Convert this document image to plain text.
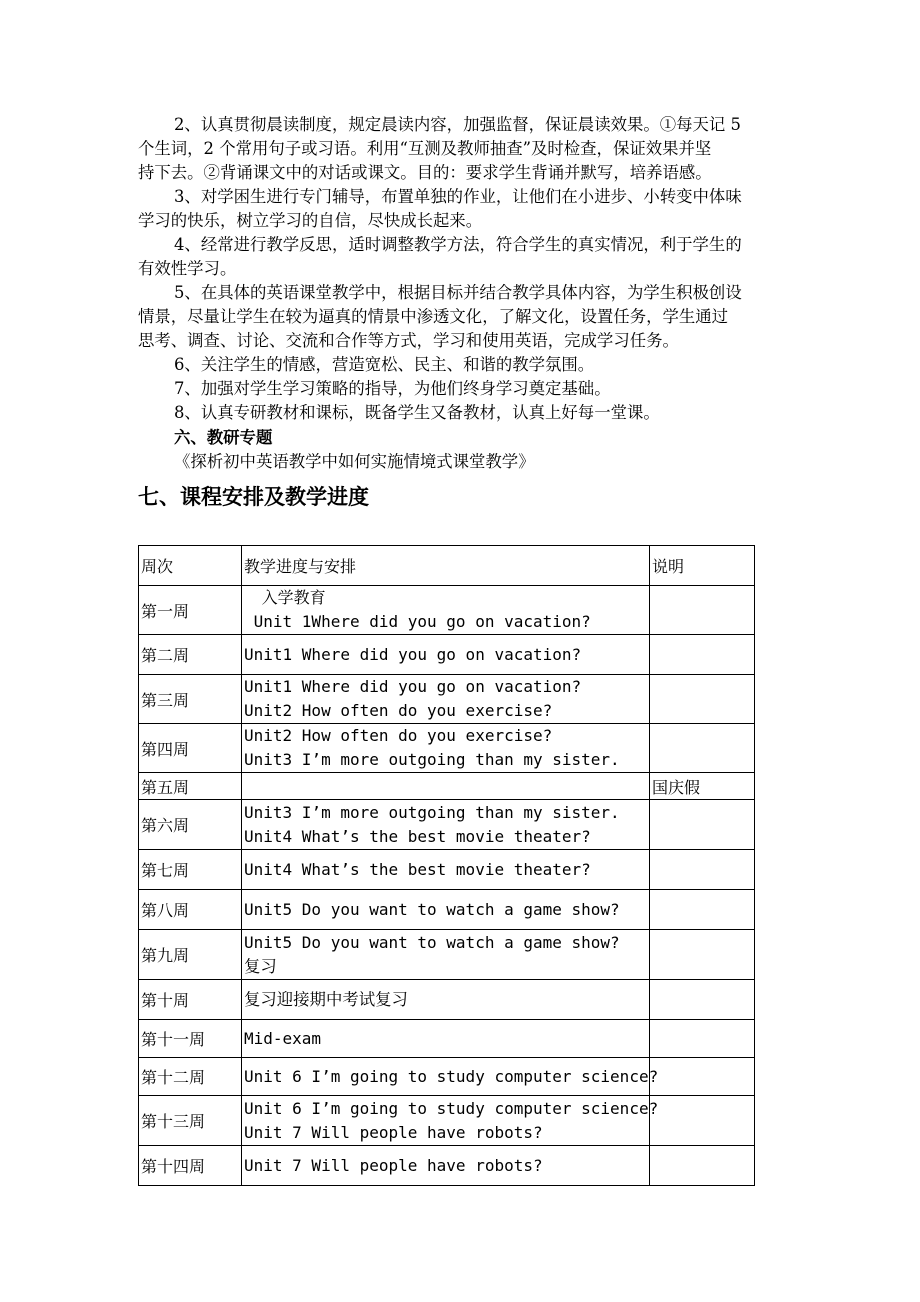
2、认真贯彻晨读制度，规定晨读内容，加强监督，保证晨读效果。①每天记 5
个生词，2 个常用句子或习语。利用“互测及教师抽查”及时检查，保证效果并坚
持下去。②背诵课文中的对话或课文。目的：要求学生背诵并默写，培养语感。
3、对学困生进行专门辅导，布置单独的作业，让他们在小进步、小转变中体味
学习的快乐，树立学习的自信，尽快成长起来。
4、经常进行教学反思，适时调整教学方法，符合学生的真实情况，利于学生的
有效性学习。
5、在具体的英语课堂教学中，根据目标并结合教学具体内容，为学生积极创设
情景，尽量让学生在较为逼真的情景中渗透文化，了解文化，设置任务，学生通过
思考、调查、讨论、交流和合作等方式，学习和使用英语，完成学习任务。
6、关注学生的情感，营造宽松、民主、和谐的教学氛围。
7、加强对学生学习策略的指导，为他们终身学习奠定基础。
8、认真专研教材和课标，既备学生又备教材，认真上好每一堂课。

六、教研专题

《探析初中英语教学中如何实施情境式课堂教学》

七、课程安排及教学进度
周次	教学进度与安排	说明
第一周	入学教育
Unit 1Where did you go on vacation?	

第二周	Unit1 Where did you go on vacation?	

第三周	Unit1 Where did you go on vacation?
Unit2 How often do you exercise?	

第四周	Unit2 How often do you exercise?
Unit3 I’m more outgoing than my sister.	

第五周		国庆假
第六周	Unit3 I’m more outgoing than my sister.
Unit4 What’s the best movie theater?	

第七周	Unit4 What’s the best movie theater?	

第八周	Unit5 Do you want to watch a game show?	

第九周	Unit5 Do you want to watch a game show?
复习	

第十周	复习迎接期中考试复习	

第十一周	Mid-exam	

第十二周	Unit 6 I’m going to study computer science?	

第十三周	Unit 6 I’m going to study computer science?
Unit 7 Will people have robots?	

第十四周	Unit 7 Will people have robots?	
